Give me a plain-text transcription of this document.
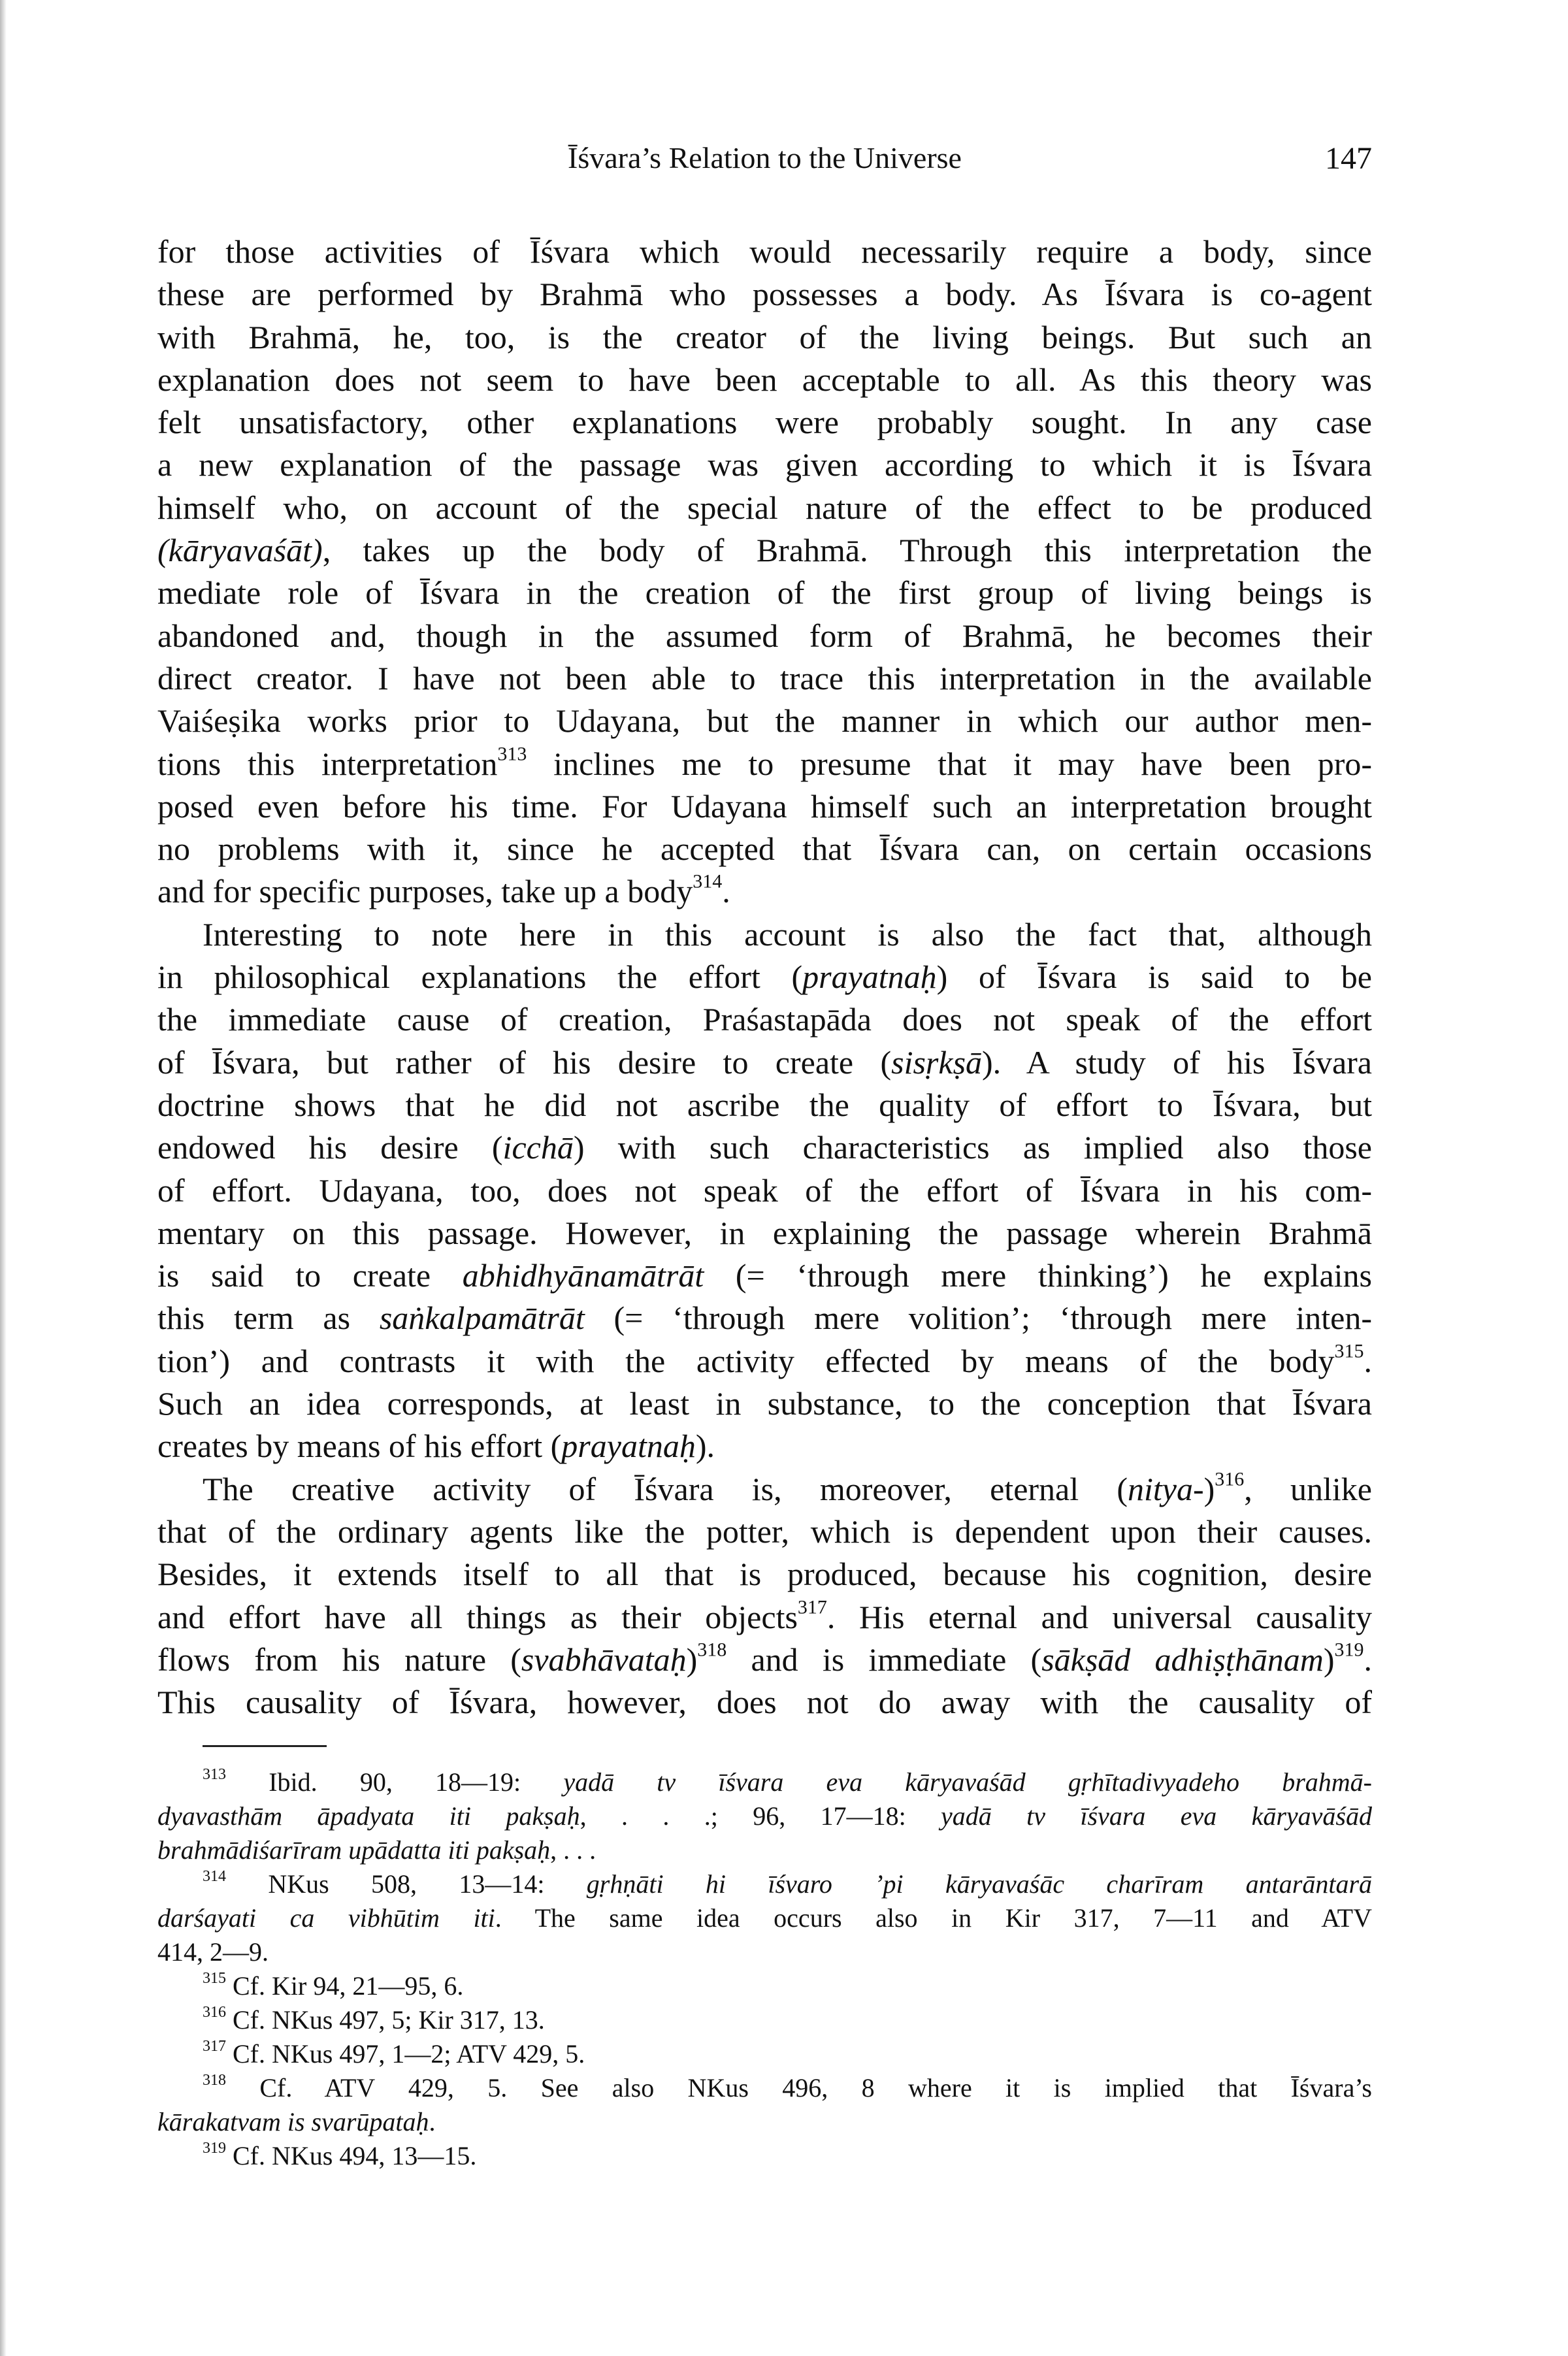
Īśvara’s Relation to the Universe	147
for those activities of Īśvara which would necessarily require a body, since
these are performed by Brahmā who possesses a body. As Īśvara is co-agent
with Brahmā, he, too, is the creator of the living beings. But such an
explanation does not seem to have been acceptable to all. As this theory was
felt unsatisfactory, other explanations were probably sought. In any case
a new explanation of the passage was given according to which it is Īśvara
himself who, on account of the special nature of the effect to be produced
(kāryavaśāt), takes up the body of Brahmā. Through this interpretation the
mediate role of Īśvara in the creation of the first group of living beings is
abandoned and, though in the assumed form of Brahmā, he becomes their
direct creator. I have not been able to trace this interpretation in the available
Vaiśeṣika works prior to Udayana, but the manner in which our author men-
tions this interpretation$^{313}$ inclines me to presume that it may have been pro-
posed even before his time. For Udayana himself such an interpretation brought
no problems with it, since he accepted that Īśvara can, on certain occasions
and for specific purposes, take up a body$^{314}$.
Interesting to note here in this account is also the fact that, although
in philosophical explanations the effort (prayatnaḥ) of Īśvara is said to be
the immediate cause of creation, Praśastapāda does not speak of the effort
of Īśvara, but rather of his desire to create (sisṛkṣā). A study of his Īśvara
doctrine shows that he did not ascribe the quality of effort to Īśvara, but
endowed his desire (icchā) with such characteristics as implied also those
of effort. Udayana, too, does not speak of the effort of Īśvara in his com-
mentary on this passage. However, in explaining the passage wherein Brahmā
is said to create abhidhyānamātrāt (= ‘through mere thinking’) he explains
this term as saṅkalpamātrāt (= ‘through mere volition’; ‘through mere inten-
tion’) and contrasts it with the activity effected by means of the body$^{315}$.
Such an idea corresponds, at least in substance, to the conception that Īśvara
creates by means of his effort (prayatnaḥ).
The creative activity of Īśvara is, moreover, eternal (nitya-)$^{316}$, unlike
that of the ordinary agents like the potter, which is dependent upon their causes.
Besides, it extends itself to all that is produced, because his cognition, desire
and effort have all things as their objects$^{317}$. His eternal and universal causality
flows from his nature (svabhāvataḥ)$^{318}$ and is immediate (sākṣād adhiṣṭhānam)$^{319}$.
This causality of Īśvara, however, does not do away with the causality of
$^{313}$ Ibid. 90, 18—19: yadā tv īśvara eva kāryavaśād gṛhītadivyadeho brahmā-
dyavasthām āpadyata iti pakṣaḥ, . . .; 96, 17—18: yadā tv īśvara eva kāryavāśād
brahmādiśarīram upādatta iti pakṣaḥ, . . .
$^{314}$ NKus 508, 13—14: gṛhṇāti hi īśvaro ’pi kāryavaśāc charīram antarāntarā
darśayati ca vibhūtim iti. The same idea occurs also in Kir 317, 7—11 and ATV
414, 2—9.
$^{315}$ Cf. Kir 94, 21—95, 6.
$^{316}$ Cf. NKus 497, 5; Kir 317, 13.
$^{317}$ Cf. NKus 497, 1—2; ATV 429, 5.
$^{318}$ Cf. ATV 429, 5. See also NKus 496, 8 where it is implied that Īśvara’s
kārakatvam is svarūpataḥ.
$^{319}$ Cf. NKus 494, 13—15.
